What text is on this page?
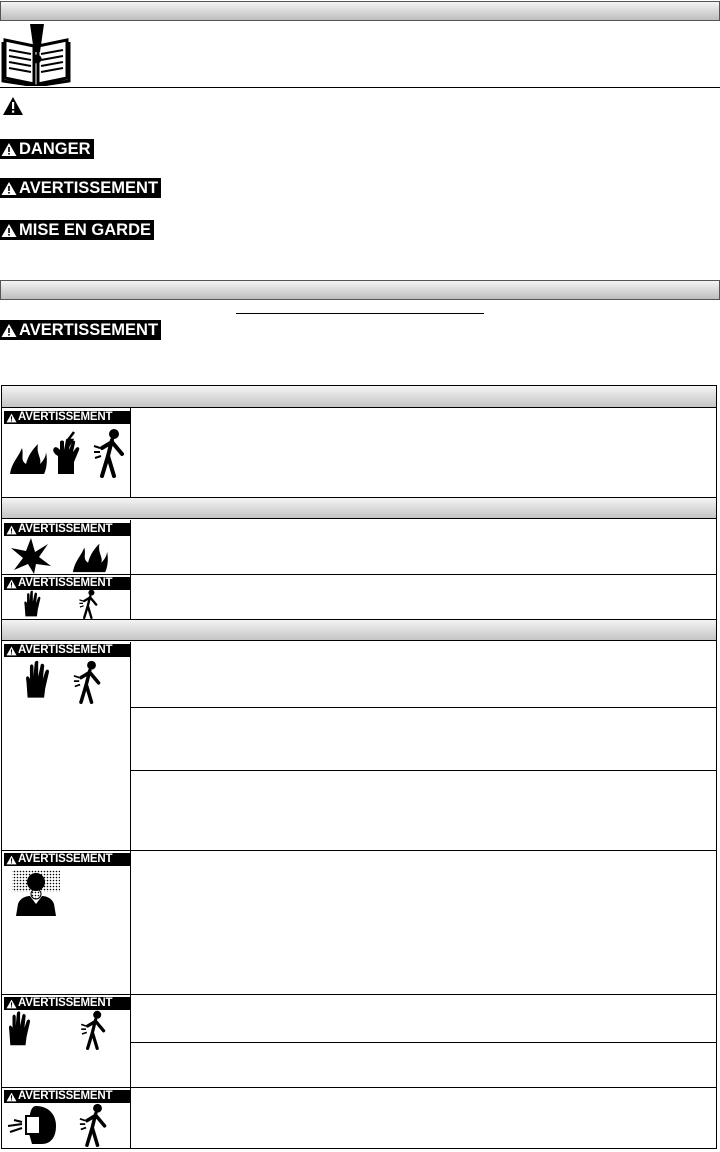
DANGER
AVERTISSEMENT
MISE EN GARDE
AVERTISSEMENT
AVERTISSEMENT
AVERTISSEMENT
AVERTISSEMENT
AVERTISSEMENT
AVERTISSEMENT
AVERTISSEMENT
AVERTISSEMENT
